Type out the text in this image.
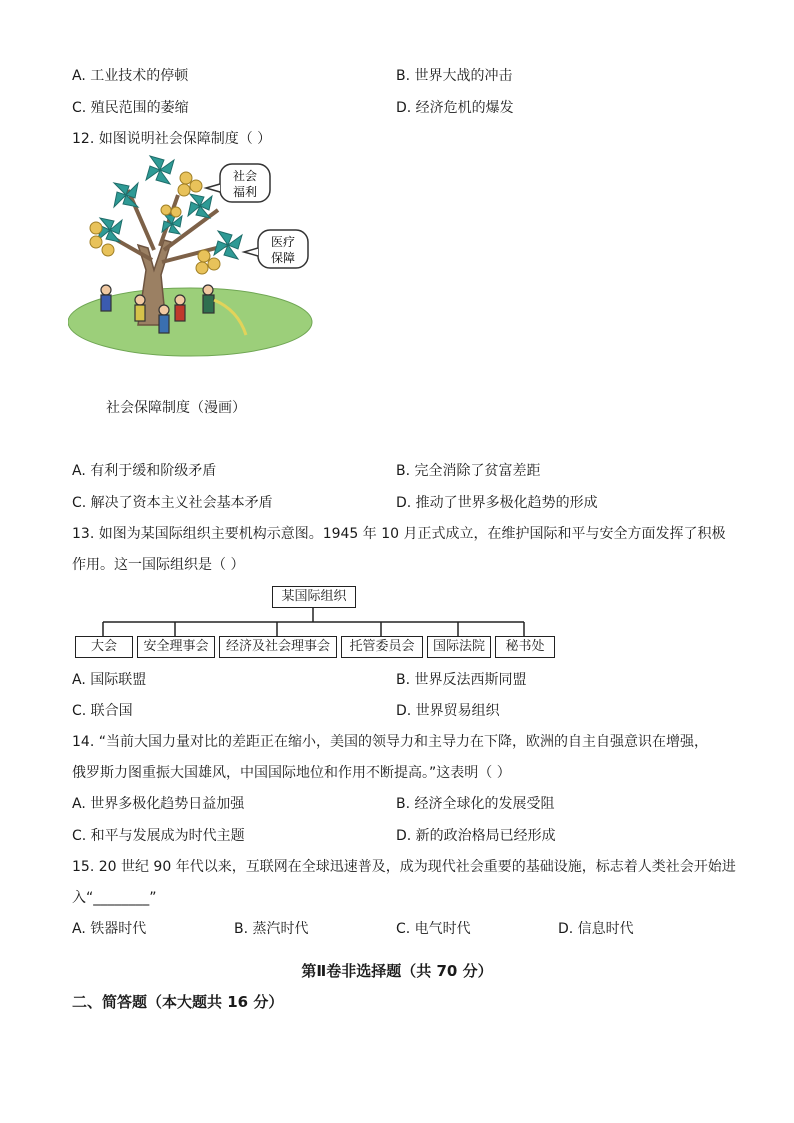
A. 工业技术的停顿	B. 世界大战的冲击
C. 殖民范围的萎缩	D. 经济危机的爆发
12. 如图说明社会保障制度（ ）
社会
福利
医疗
保障
社会保障制度（漫画）
A. 有利于缓和阶级矛盾	B. 完全消除了贫富差距
C. 解决了资本主义社会基本矛盾	D. 推动了世界多极化趋势的形成
13. 如图为某国际组织主要机构示意图。1945 年 10 月正式成立，在维护国际和平与安全方面发挥了积极
作用。这一国际组织是（ ）
某国际组织
大会	安全理事会	经济及社会理事会	托管委员会	国际法院	秘书处
A. 国际联盟	B. 世界反法西斯同盟
C. 联合国	D. 世界贸易组织
14. “当前大国力量对比的差距正在缩小，美国的领导力和主导力在下降，欧洲的自主自强意识在增强，
俄罗斯力图重振大国雄风，中国国际地位和作用不断提高。”这表明（ ）
A. 世界多极化趋势日益加强	B. 经济全球化的发展受阻
C. 和平与发展成为时代主题	D. 新的政治格局已经形成
15. 20 世纪 90 年代以来，互联网在全球迅速普及，成为现代社会重要的基础设施，标志着人类社会开始进
入“________”
A. 铁器时代	B. 蒸汽时代	C. 电气时代	D. 信息时代
第Ⅱ卷非选择题（共 70 分）
二、简答题（本大题共 16 分）
